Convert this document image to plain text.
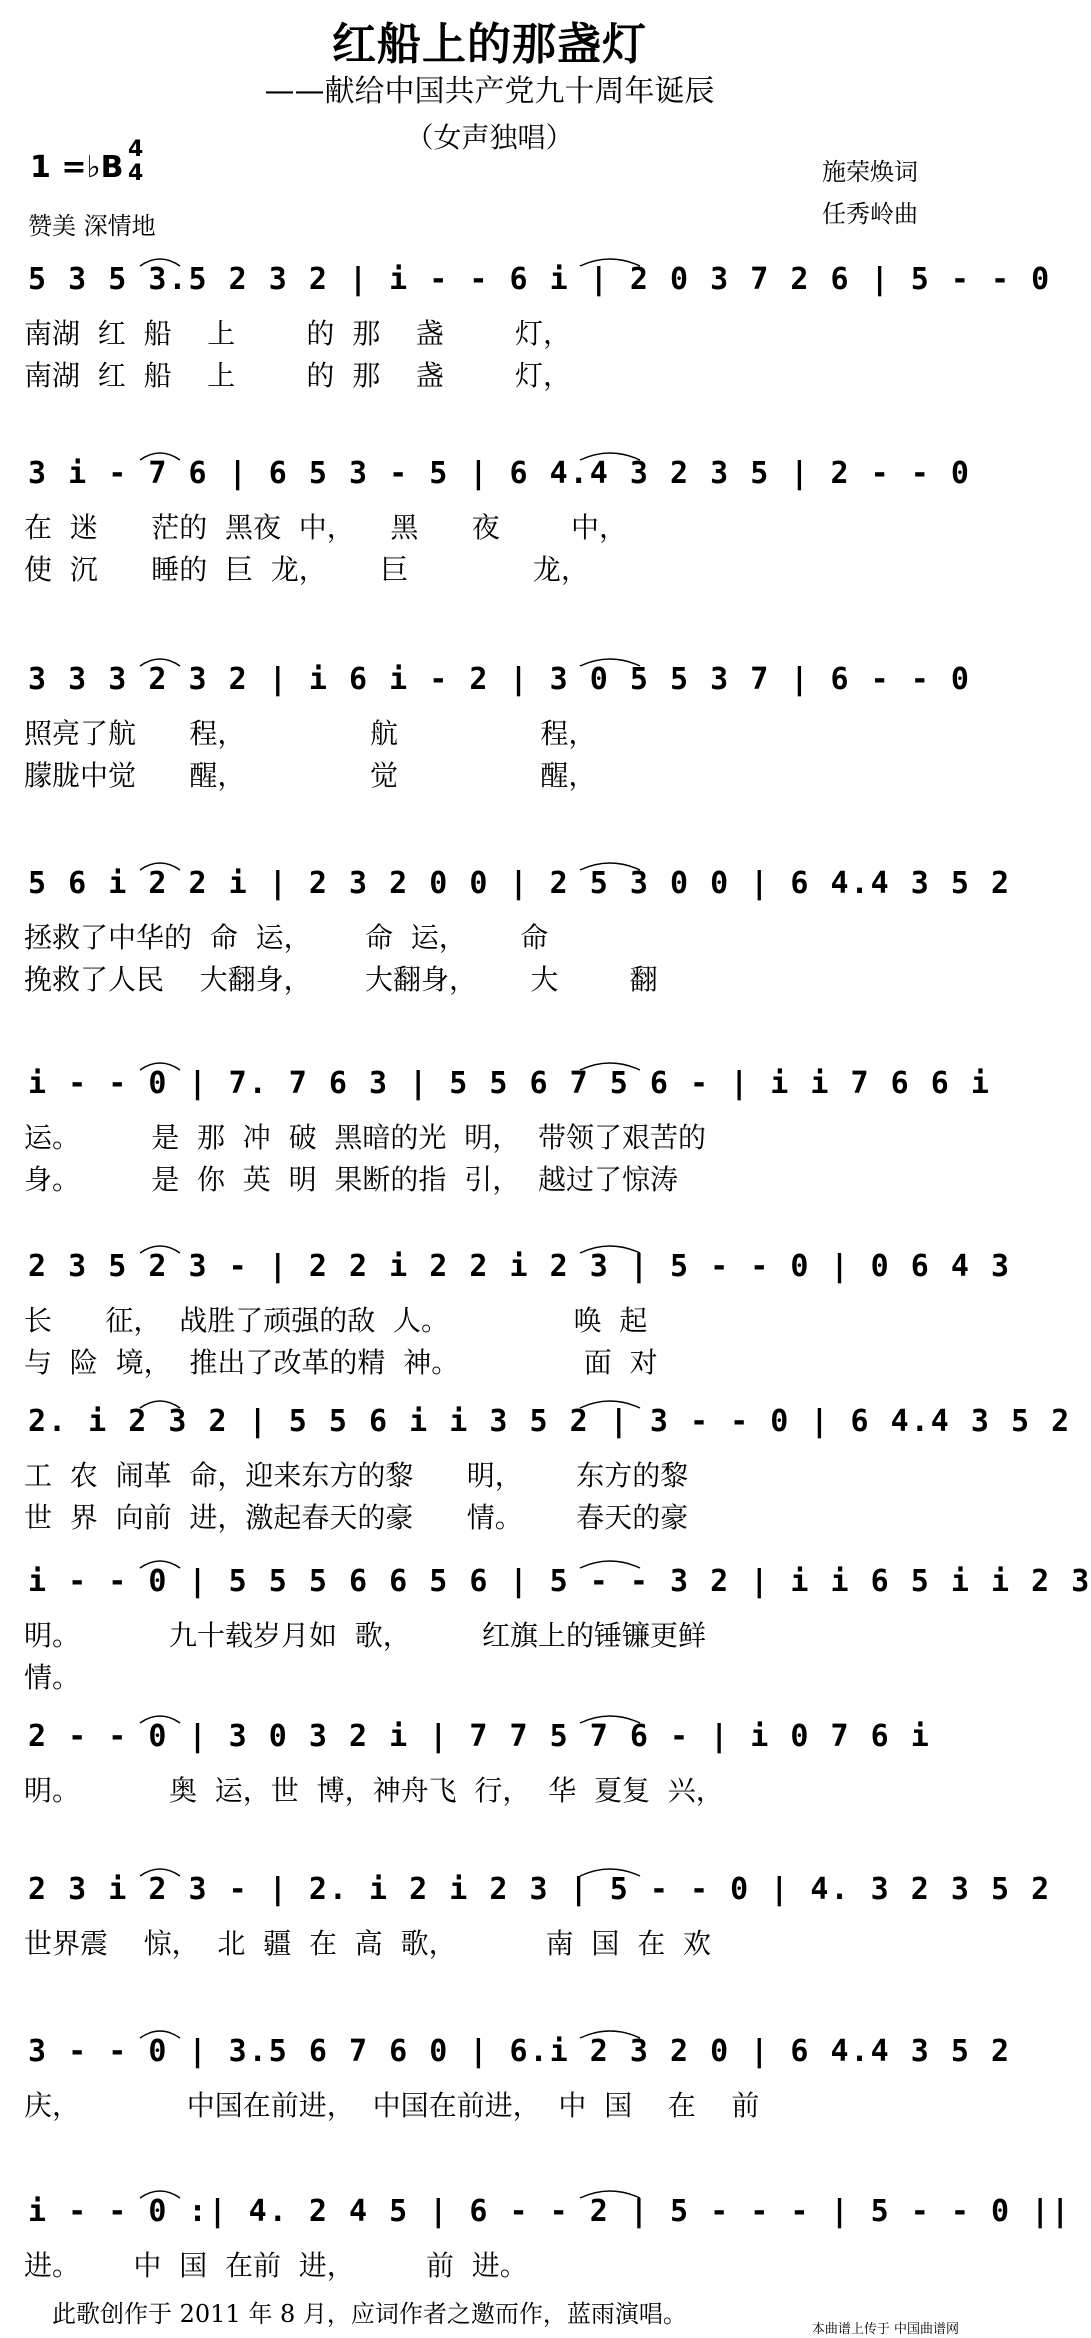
红船上的那盏灯
——献给中国共产党九十周年诞辰
（女声独唱）
1 =♭B
4
4
赞美 深情地
施荣焕词
任秀岭曲
5 3 5 3.5 2 3 2 | i - - 6 i | 2 0 3 7 2 6 | 5 - - 0
南湖  红  船    上        的  那    盏        灯，
南湖  红  船    上        的  那    盏        灯，
3 i - 7 6 | 6 5 3 - 5 | 6 4.4 3 2 3 5 | 2 - - 0
在  迷      茫的  黑夜  中，    黑      夜        中，
使  沉      睡的  巨  龙，      巨              龙，
3 3 3 2 3 2 | i 6 i - 2 | 3 0 5 5 3 7 | 6 - - 0
照亮了航      程，              航                程，
朦胧中觉      醒，              觉                醒，
5 6 i 2 2 i | 2 3 2 0 0 | 2 5 3 0 0 | 6 4.4 3 5 2
拯救了中华的  命  运，      命  运，      命
挽救了人民    大翻身，      大翻身，      大        翻
i - - 0 | 7. 7 6 3 | 5 5 6 7 5 6 - | i i 7 6 6 i
运。        是  那  冲  破  黑暗的光  明，  带领了艰苦的
身。        是  你  英  明  果断的指  引，  越过了惊涛
2 3 5 2 3 - | 2 2 i 2 2 i 2 3 | 5 - - 0 | 0 6 4 3
长      征，  战胜了顽强的敌  人。              唤  起
与  险  境，  推出了改革的精  神。              面  对
2. i 2 3 2 | 5 5 6 i i 3 5 2 | 3 - - 0 | 6 4.4 3 5 2
工  农  闹革  命，迎来东方的黎      明，      东方的黎
世  界  向前  进，激起春天的豪      情。      春天的豪
i - - 0 | 5 5 5 6 6 5 6 | 5 - - 3 2 | i i 6 5 i i 2 3
明。          九十载岁月如  歌，        红旗上的锤镰更鲜
情。
2 - - 0 | 3 0 3 2 i | 7 7 5 7 6 - | i 0 7 6 i
明。          奥  运，世  博，神舟飞  行，  华  夏复  兴，
2 3 i 2 3 - | 2. i 2 i 2 3 | 5 - - 0 | 4. 3 2 3 5 2
世界震    惊，  北  疆  在  高  歌，          南  国  在  欢
3 - - 0 | 3.5 6 7 6 0 | 6.i 2 3 2 0 | 6 4.4 3 5 2
庆，            中国在前进，  中国在前进，  中  国    在    前
i - - 0 :| 4. 2 4 5 | 6 - - 2 | 5 - - - | 5 - - 0 ||
进。      中  国  在前  进，        前  进。
此歌创作于 2011 年 8 月，应词作者之邀而作，蓝雨演唱。
本曲谱上传于 中国曲谱网
